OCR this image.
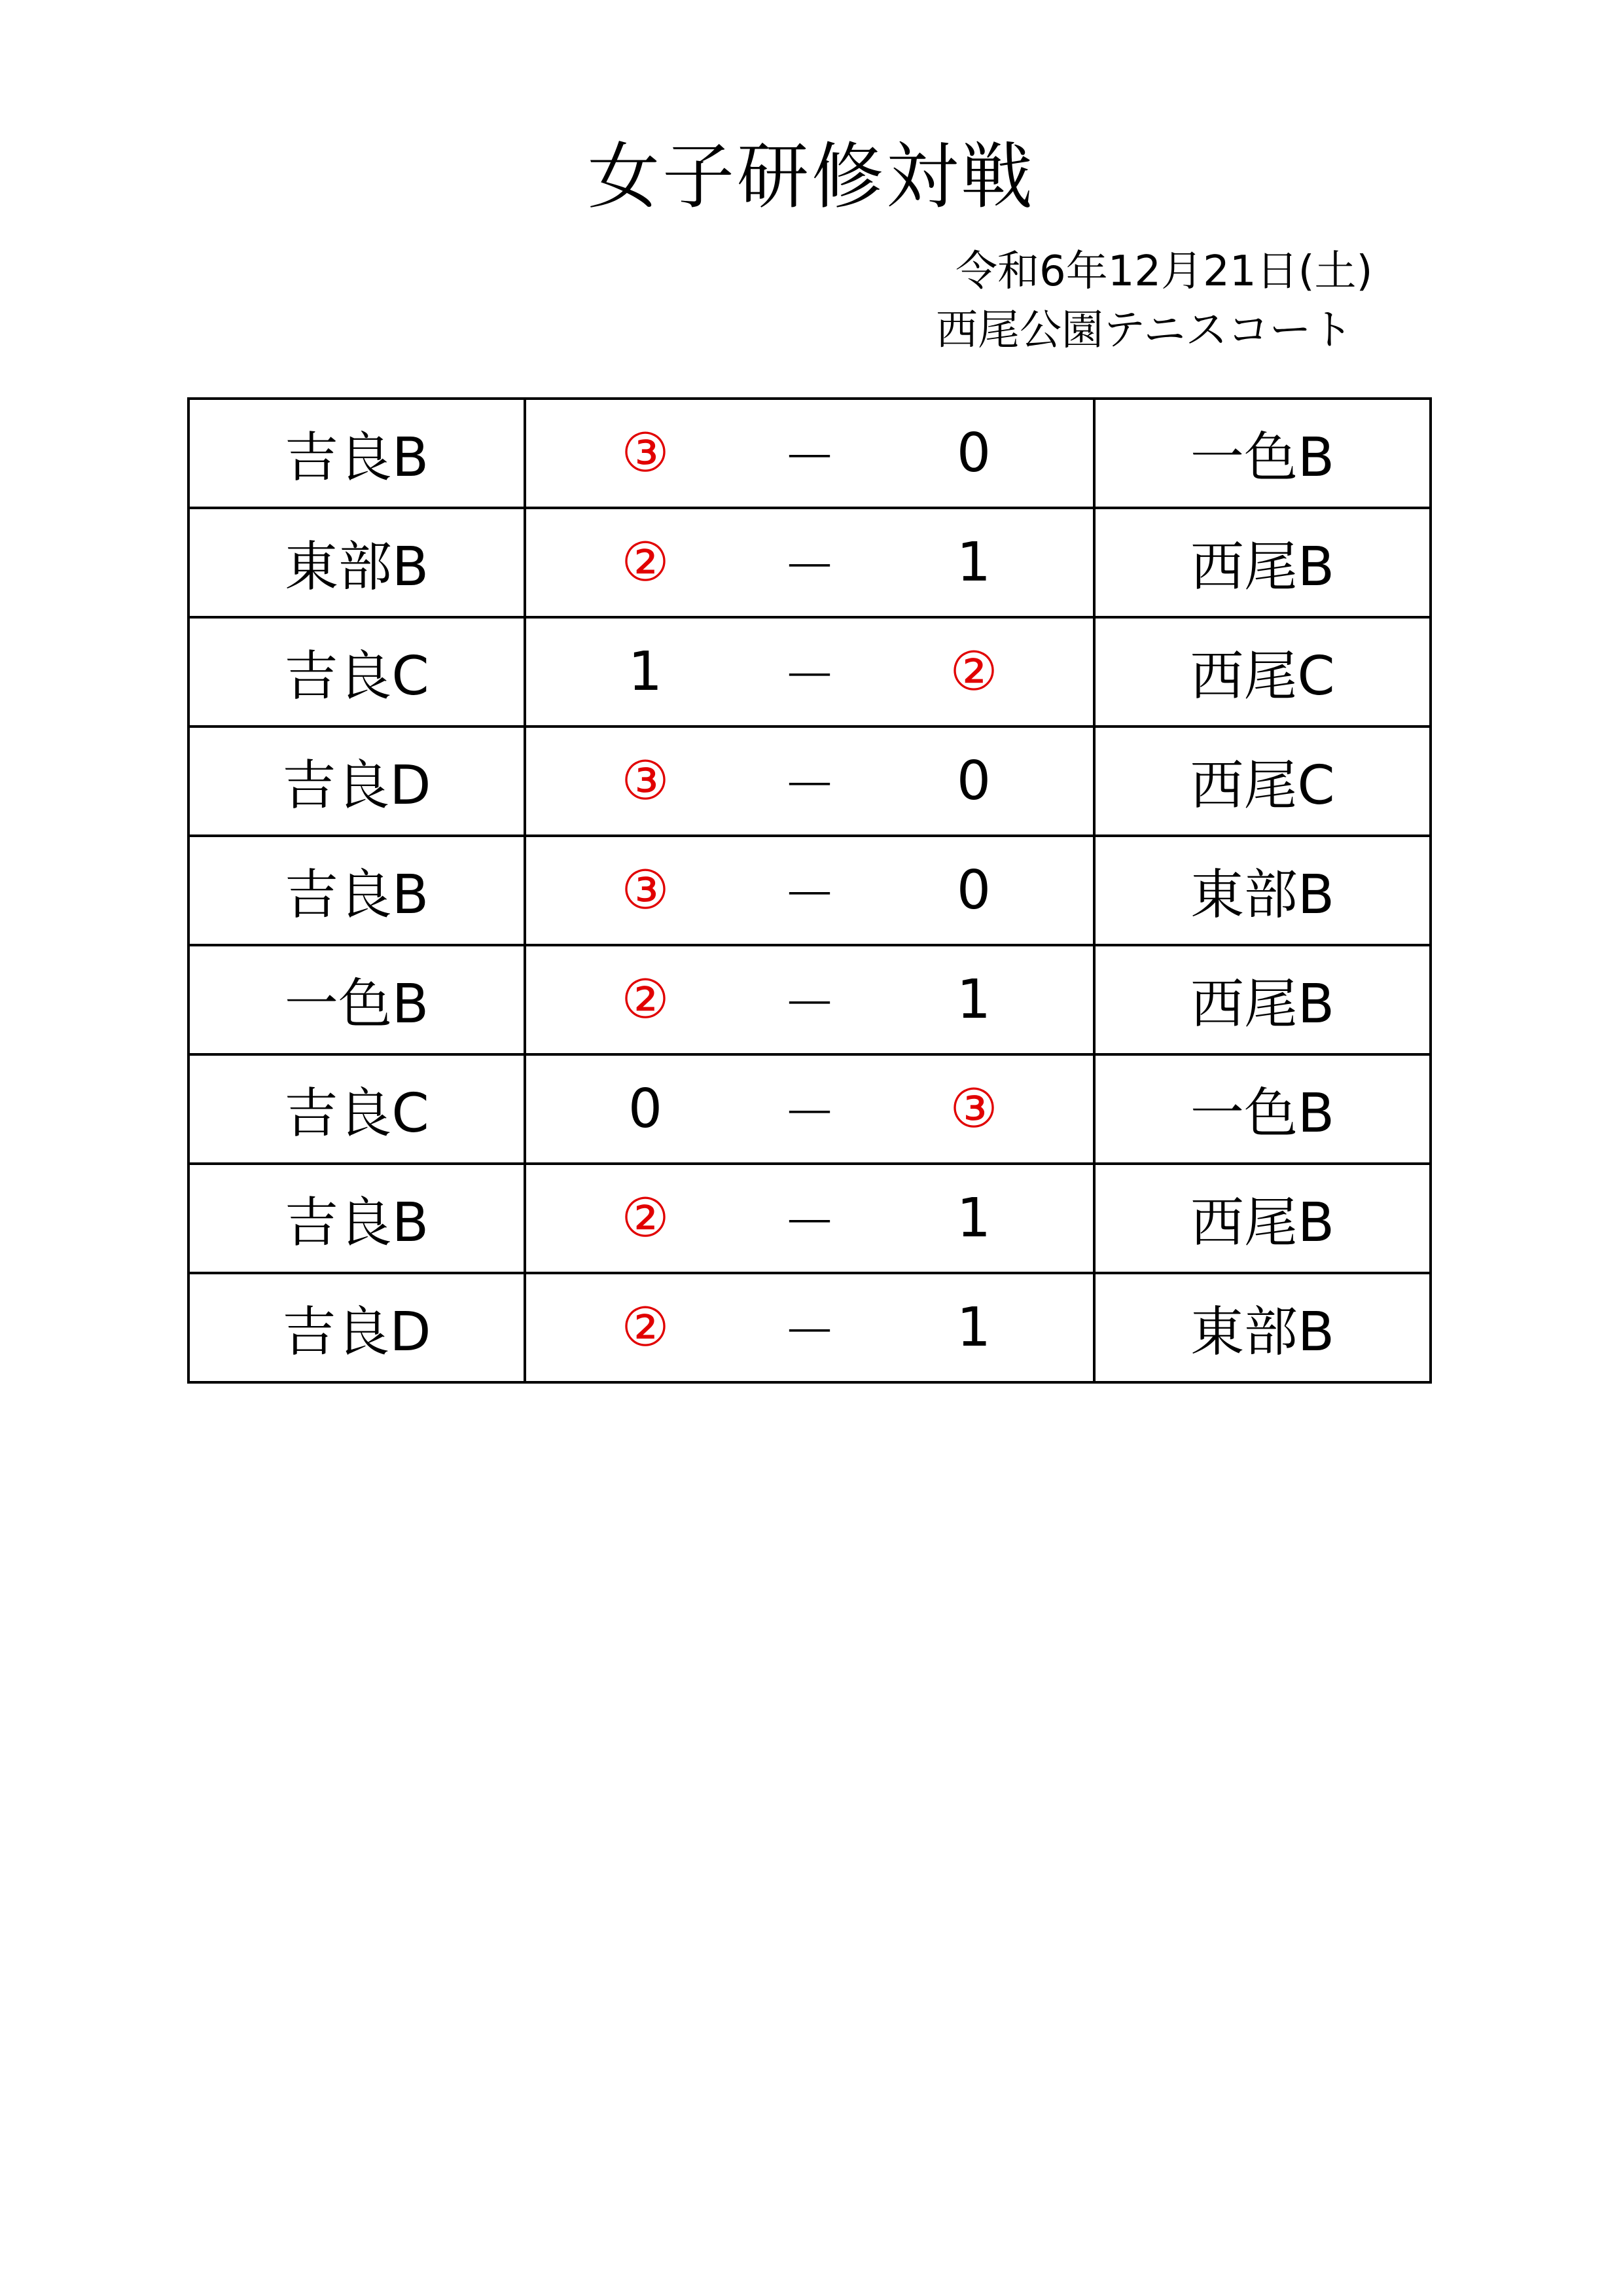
女子研修対戦
令和6年12月21日(土)
西尾公園テニスコート
吉良B	③ － 0	一色B
東部B	② － 1	西尾B
吉良C	1 － ②	西尾C
吉良D	③ － 0	西尾C
吉良B	③ － 0	東部B
一色B	② － 1	西尾B
吉良C	0 － ③	一色B
吉良B	② － 1	西尾B
吉良D	② － 1	東部B
